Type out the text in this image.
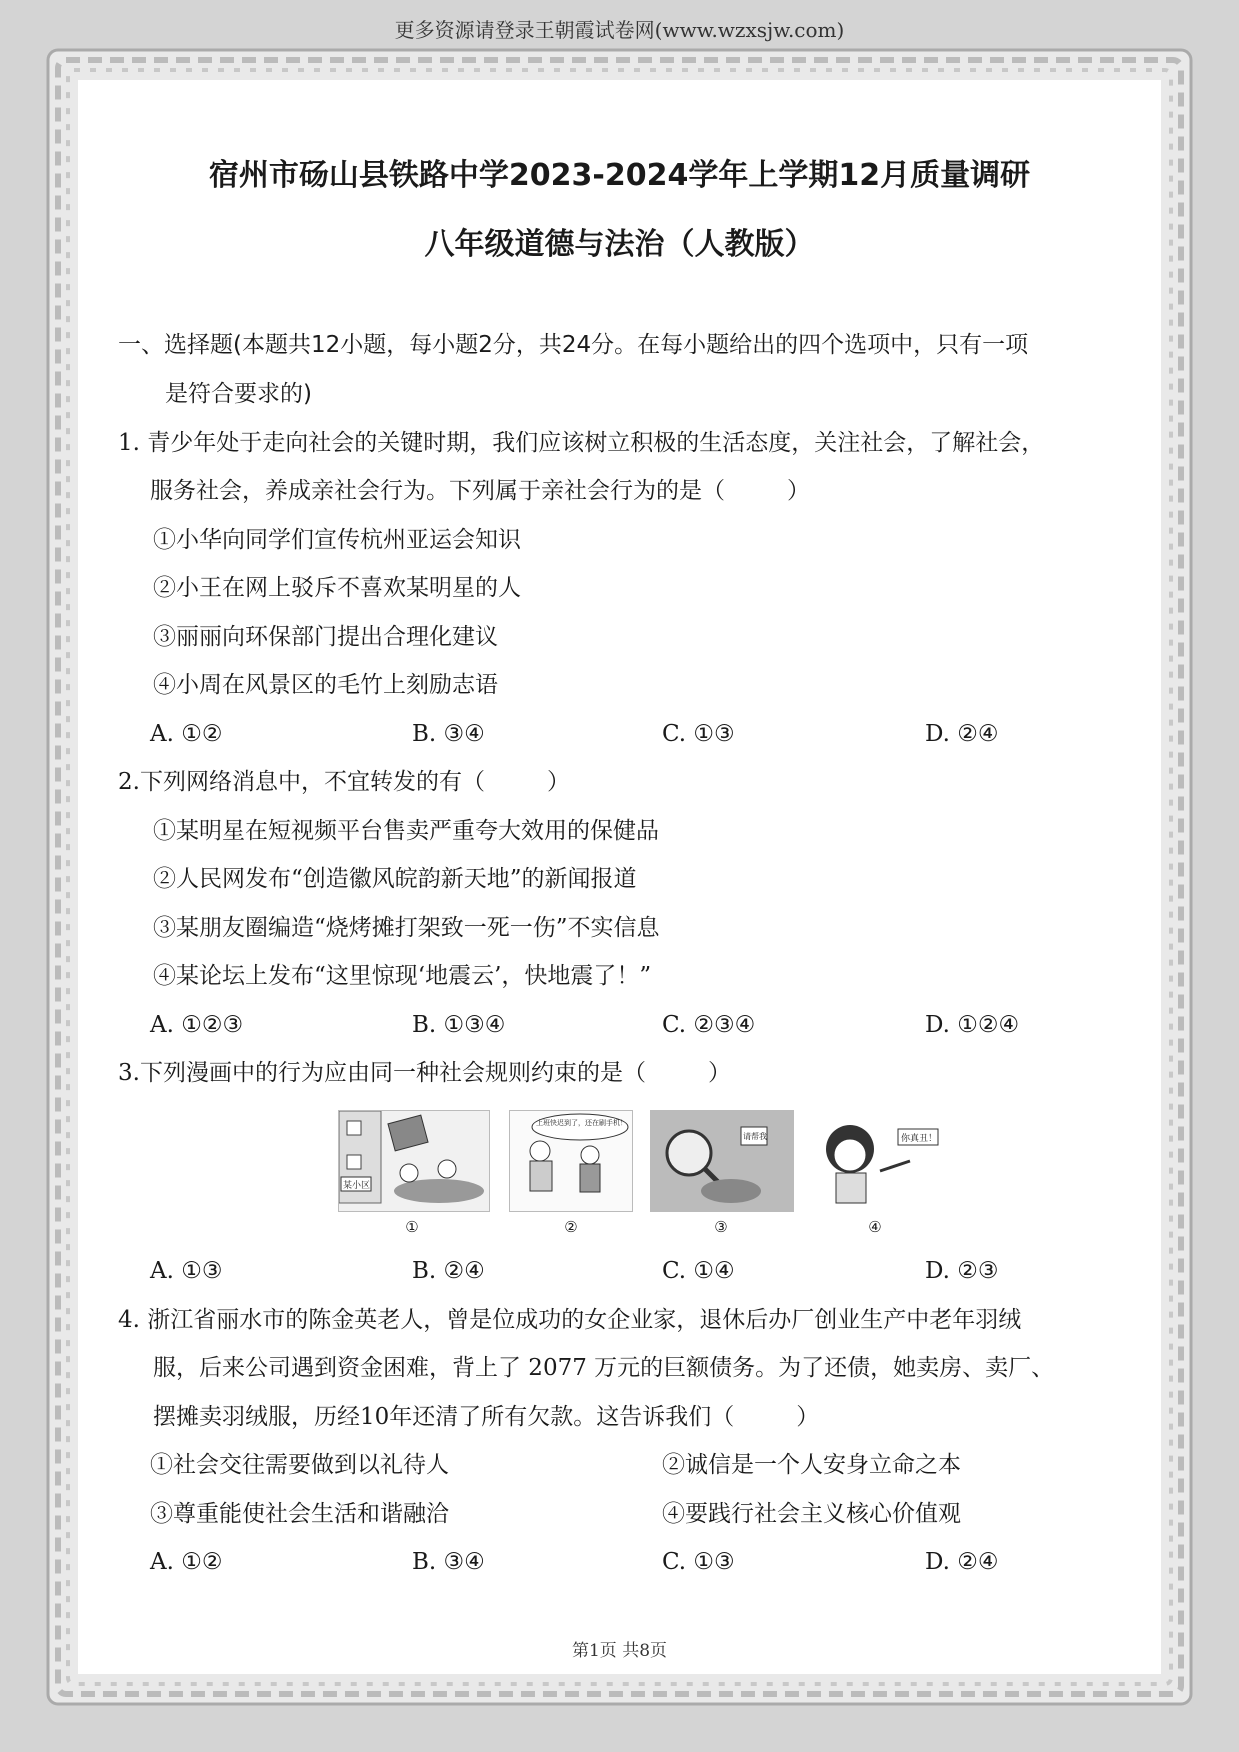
更多资源请登录王朝霞试卷网(www.wzxsjw.com)
宿州市砀山县铁路中学2023-2024学年上学期12月质量调研
八年级道德与法治（人教版）
一、选择题(本题共12小题，每小题2分，共24分。在每小题给出的四个选项中，只有一项
是符合要求的)
1. 青少年处于走向社会的关键时期，我们应该树立积极的生活态度，关注社会，了解社会，
服务社会，养成亲社会行为。下列属于亲社会行为的是（	）
①小华向同学们宣传杭州亚运会知识
②小王在网上驳斥不喜欢某明星的人
③丽丽向环保部门提出合理化建议
④小周在风景区的毛竹上刻励志语
A. ①②	B. ③④	C. ①③	D. ②④
2.下列网络消息中，不宜转发的有（	）
①某明星在短视频平台售卖严重夸大效用的保健品
②人民网发布“创造徽风皖韵新天地”的新闻报道
③某朋友圈编造“烧烤摊打架致一死一伤”不实信息
④某论坛上发布“这里惊现‘地震云’，快地震了！”
A. ①②③	B. ①③④	C. ②③④	D. ①②④
3.下列漫画中的行为应由同一种社会规则约束的是（	）
某小区
上班快迟到了，还在刷手机！
请帮我	你真丑！
①	②	③	④
A. ①③	B. ②④	C. ①④	D. ②③
4. 浙江省丽水市的陈金英老人，曾是位成功的女企业家，退休后办厂创业生产中老年羽绒
服，后来公司遇到资金困难，背上了 2077 万元的巨额债务。为了还债，她卖房、卖厂、
摆摊卖羽绒服，历经10年还清了所有欠款。这告诉我们（	）
①社会交往需要做到以礼待人	②诚信是一个人安身立命之本
③尊重能使社会生活和谐融洽	④要践行社会主义核心价值观
A. ①②	B. ③④	C. ①③	D. ②④
第1页 共8页
